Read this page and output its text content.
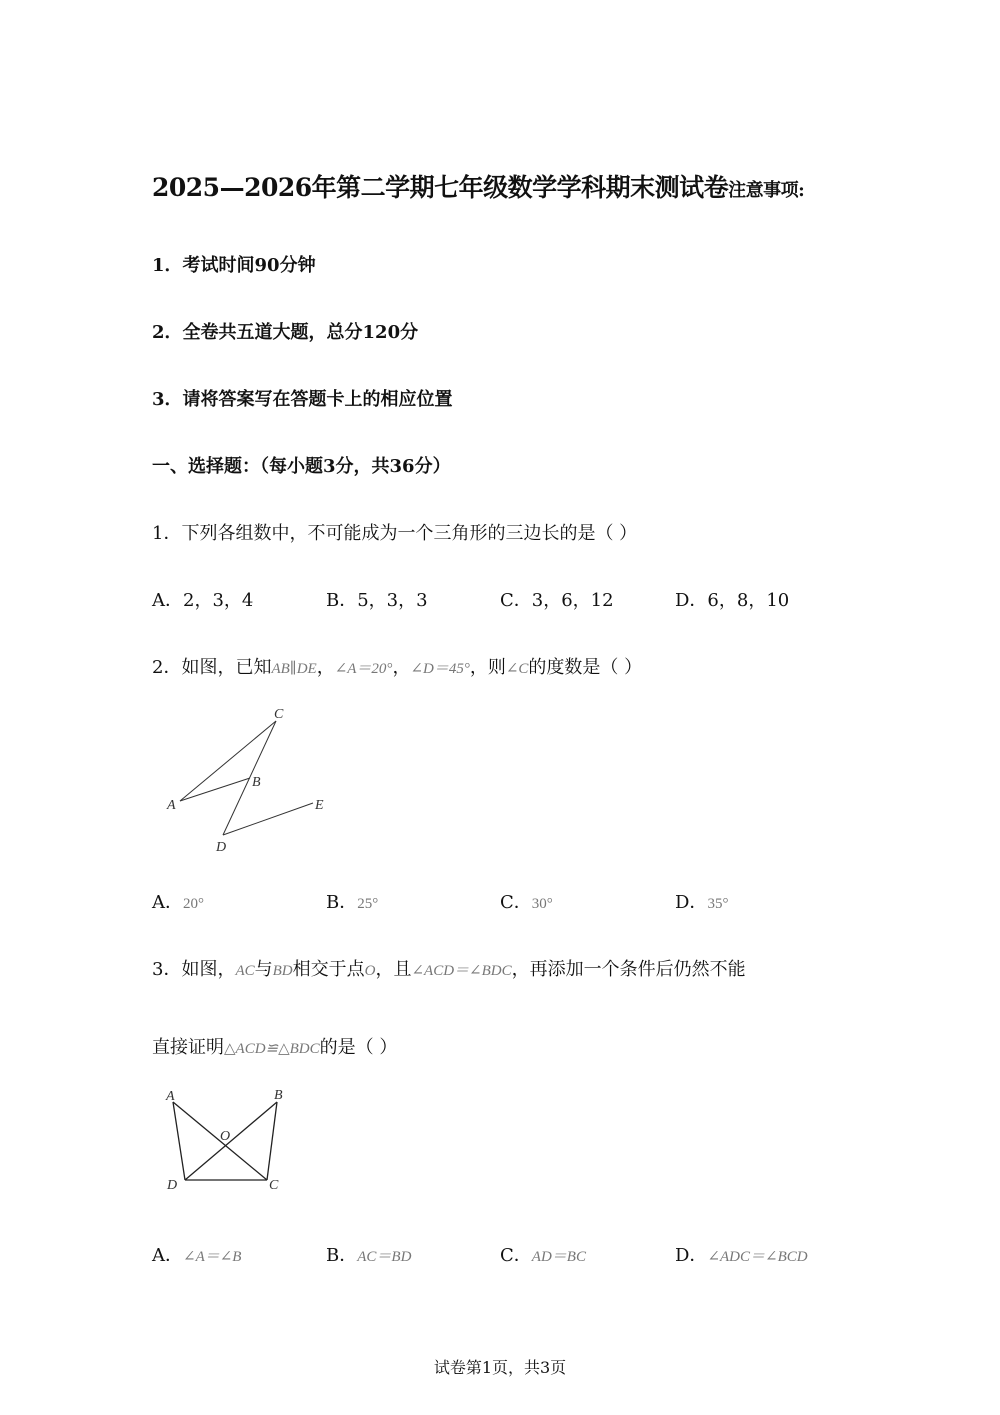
2025—2026年第二学期七年级数学学科期末测试卷注意事项:
1．考试时间90分钟
2．全卷共五道大题，总分120分
3．请将答案写在答题卡上的相应位置
一、选择题：（每小题3分，共36分）
1．下列各组数中，不可能成为一个三角形的三边长的是（ ）
A．2，3，4	B．5，3，3	C．3，6，12	D．6，8，10
2．如图，已知AB∥DE，∠A＝20°，∠D＝45°，则∠C的度数是（ ）
A
B
C
D
E
A．20°	B．25°	C．30°	D．35°
3．如图，AC与BD相交于点O，且∠ACD＝∠BDC，再添加一个条件后仍然不能
直接证明△ACD≌△BDC的是（ ）
A	B
C
D
O
A．∠A＝∠B	B．AC＝BD	C．AD＝BC	D．∠ADC＝∠BCD
试卷第1页，共3页
